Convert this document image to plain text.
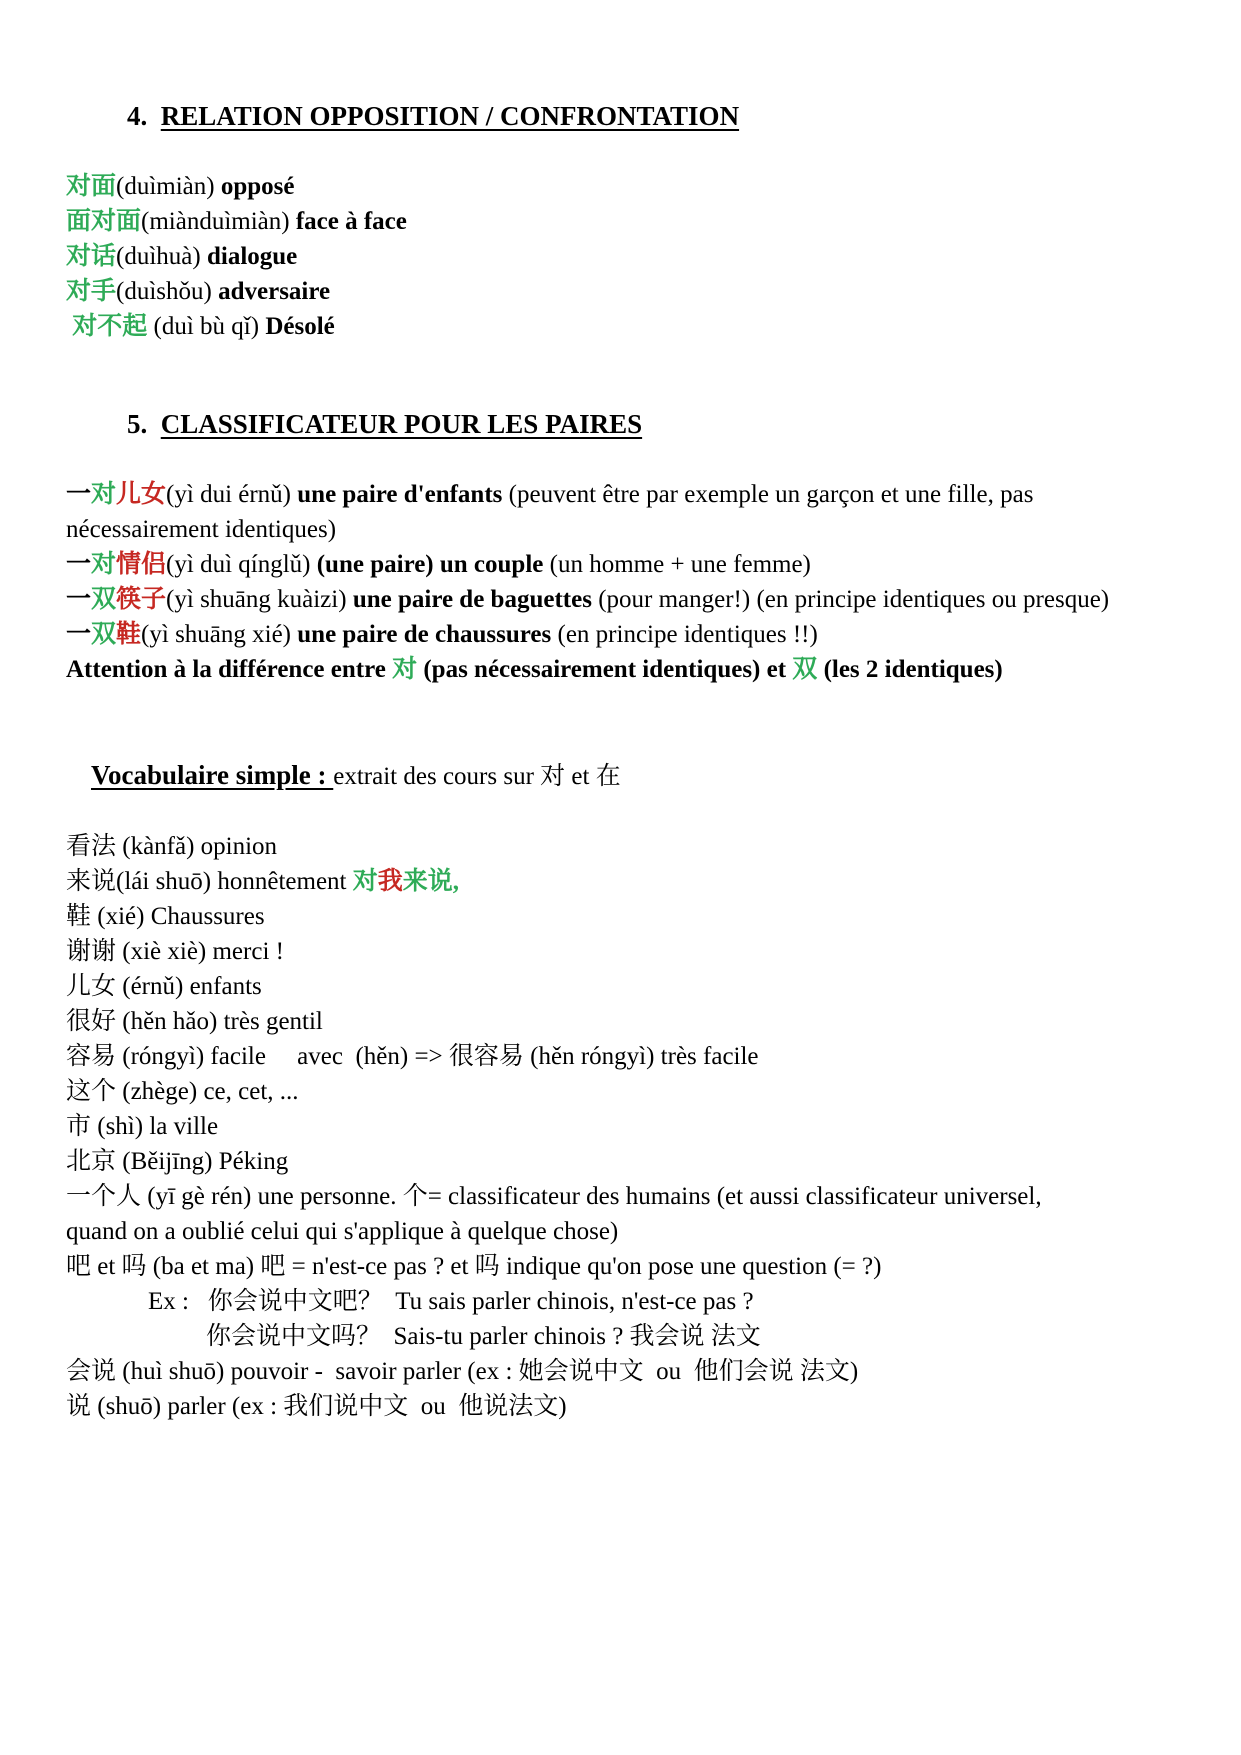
4.  RELATION OPPOSITION / CONFRONTATION

对面(duìmiàn) opposé
面对面(miànduìmiàn) face à face
对话(duìhuà) dialogue
对手(duìshǒu) adversaire
对不起 (duì bù qǐ) Désolé

5.  CLASSIFICATEUR POUR LES PAIRES

一对儿女(yì dui érnǔ) une paire d'enfants (peuvent être par exemple un garçon et une fille, pas
nécessairement identiques)
一对情侣(yì duì qínglǔ) (une paire) un couple (un homme + une femme)
一双筷子(yì shuāng kuàizi) une paire de baguettes (pour manger!) (en principe identiques ou presque)
一双鞋(yì shuāng xié) une paire de chaussures (en principe identiques !!)
Attention à la différence entre 对 (pas nécessairement identiques) et 双 (les 2 identiques)

Vocabulaire simple : extrait des cours sur 对 et 在

看法 (kànfǎ) opinion
来说(lái shuō) honnêtement 对我来说,
鞋 (xié) Chaussures
谢谢 (xiè xiè) merci !
儿女 (érnǔ) enfants
很好 (hěn hǎo) très gentil
容易 (róngyì) facile     avec  (hěn) => 很容易 (hěn róngyì) très facile
这个 (zhège) ce, cet, ...
市 (shì) la ville
北京 (Běijīng) Péking
一个人 (yī gè rén) une personne. 个= classificateur des humains (et aussi classificateur universel,
quand on a oublié celui qui s'applique à quelque chose)
吧 et 吗 (ba et ma) 吧 = n'est-ce pas ? et 吗 indique qu'on pose une question (= ?)
Ex :   你会说中文吧？  Tu sais parler chinois, n'est-ce pas ?
你会说中文吗？  Sais-tu parler chinois ? 我会说 法文
会说 (huì shuō) pouvoir -  savoir parler (ex : 她会说中文  ou  他们会说 法文)
说 (shuō) parler (ex : 我们说中文  ou  他说法文)
